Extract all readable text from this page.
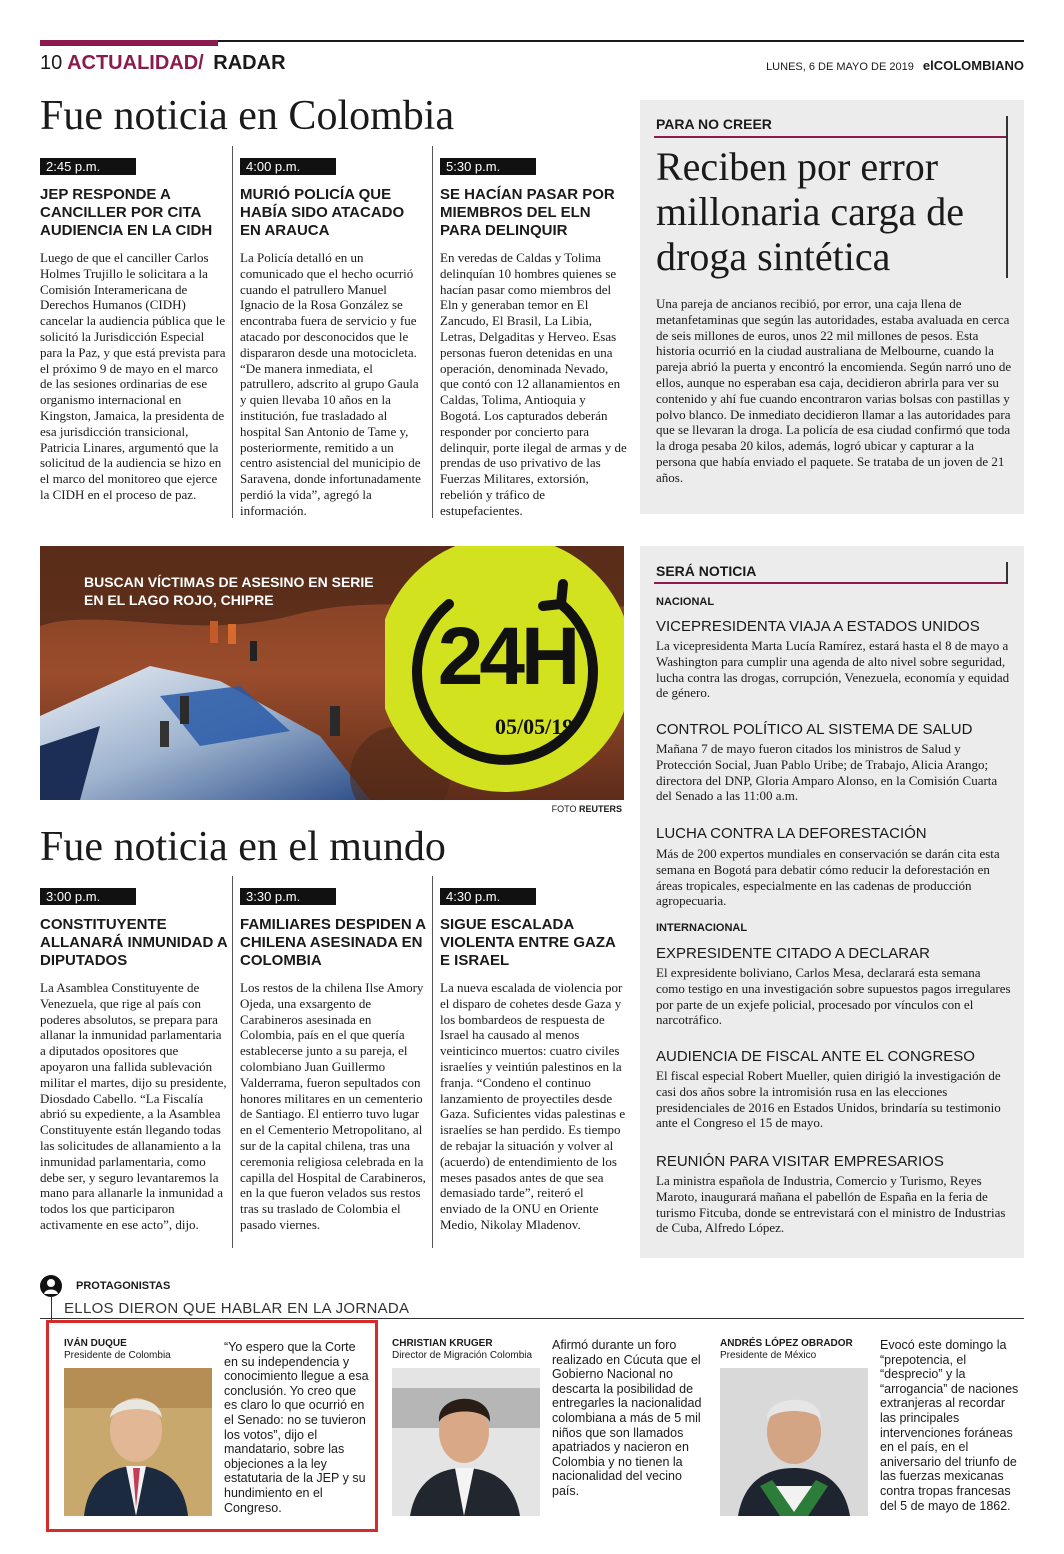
10 ACTUALIDAD/ RADAR	LUNES, 6 DE MAYO DE 2019 elCOLOMBIANO
Fue noticia en Colombia
2:45 p.m.
JEP RESPONDE A CANCILLER POR CITA AUDIENCIA EN LA CIDH
Luego de que el canciller Carlos Holmes Trujillo le solicitara a la Comisión Interamericana de Derechos Humanos (CIDH) cancelar la audiencia pública que le solicitó la Jurisdicción Especial para la Paz, y que está prevista para el próximo 9 de mayo en el marco de las sesiones ordinarias de ese organismo internacional en Kingston, Jamaica, la presidenta de esa jurisdicción transicional, Patricia Linares, argumentó que la solicitud de la audiencia se hizo en el marco del monitoreo que ejerce la CIDH en el proceso de paz.
4:00 p.m.
MURIÓ POLICÍA QUE HABÍA SIDO ATACADO EN ARAUCA
La Policía detalló en un comunicado que el hecho ocurrió cuando el patrullero Manuel Ignacio de la Rosa González se encontraba fuera de servicio y fue atacado por desconocidos que le dispararon desde una motocicleta. “De manera inmediata, el patrullero, adscrito al grupo Gaula y quien llevaba 10 años en la institución, fue trasladado al hospital San Antonio de Tame y, posteriormente, remitido a un centro asistencial del municipio de Saravena, donde infortunadamente perdió la vida”, agregó la información.
5:30 p.m.
SE HACÍAN PASAR POR MIEMBROS DEL ELN PARA DELINQUIR
En veredas de Caldas y Tolima delinquían 10 hombres quienes se hacían pasar como miembros del Eln y generaban temor en El Zancudo, El Brasil, La Libia, Letras, Delgaditas y Herveo. Esas personas fueron detenidas en una operación, denominada Nevado, que contó con 12 allanamientos en Caldas, Tolima, Antioquia y Bogotá. Los capturados deberán responder por concierto para delinquir, porte ilegal de armas y de prendas de uso privativo de las Fuerzas Militares, extorsión, rebelión y tráfico de estupefacientes.
PARA NO CREER
Reciben por error millonaria carga de droga sintética
Una pareja de ancianos recibió, por error, una caja llena de metanfetaminas que según las autoridades, estaba avaluada en cerca de seis millones de euros, unos 22 mil millones de pesos. Esta historia ocurrió en la ciudad australiana de Melbourne, cuando la pareja abrió la puerta y encontró la encomienda. Según narró uno de ellos, aunque no esperaban esa caja, decidieron abrirla para ver su contenido y ahí fue cuando encontraron varias bolsas con pastillas y polvo blanco. De inmediato decidieron llamar a las autoridades para que se llevaran la droga. La policía de esa ciudad confirmó que toda la droga pesaba 20 kilos, además, logró ubicar y capturar a la persona que había enviado el paquete. Se trataba de un joven de 21 años.
BUSCAN VÍCTIMAS DE ASESINO EN SERIE EN EL LAGO ROJO, CHIPRE
24H
05/05/19
FOTO REUTERS
SERÁ NOTICIA
NACIONAL
VICEPRESIDENTA VIAJA A ESTADOS UNIDOS
La vicepresidenta Marta Lucía Ramírez, estará hasta el 8 de mayo a Washington para cumplir una agenda de alto nivel sobre seguridad, lucha contra las drogas, corrupción, Venezuela, economía y equidad de género.
CONTROL POLÍTICO AL SISTEMA DE SALUD
Mañana 7 de mayo fueron citados los ministros de Salud y Protección Social, Juan Pablo Uribe; de Trabajo, Alicia Arango; directora del DNP, Gloria Amparo Alonso, en la Comisión Cuarta del Senado a las 11:00 a.m.
LUCHA CONTRA LA DEFORESTACIÓN
Más de 200 expertos mundiales en conservación se darán cita esta semana en Bogotá para debatir cómo reducir la deforestación en áreas tropicales, especialmente en las cadenas de producción agropecuaria.
INTERNACIONAL
EXPRESIDENTE CITADO A DECLARAR
El expresidente boliviano, Carlos Mesa, declarará esta semana como testigo en una investigación sobre supuestos pagos irregulares por parte de un exjefe policial, procesado por vínculos con el narcotráfico.
AUDIENCIA DE FISCAL ANTE EL CONGRESO
El fiscal especial Robert Mueller, quien dirigió la investigación de casi dos años sobre la intromisión rusa en las elecciones presidenciales de 2016 en Estados Unidos, brindaría su testimonio ante el Congreso el 15 de mayo.
REUNIÓN PARA VISITAR EMPRESARIOS
La ministra española de Industria, Comercio y Turismo, Reyes Maroto, inaugurará mañana el pabellón de España en la feria de turismo Fitcuba, donde se entrevistará con el ministro de Industrias de Cuba, Alfredo López.
Fue noticia en el mundo
3:00 p.m.
CONSTITUYENTE ALLANARÁ INMUNIDAD A DIPUTADOS
La Asamblea Constituyente de Venezuela, que rige al país con poderes absolutos, se prepara para allanar la inmunidad parlamentaria a diputados opositores que apoyaron una fallida sublevación militar el martes, dijo su presidente, Diosdado Cabello. “La Fiscalía abrió su expediente, a la Asamblea Constituyente están llegando todas las solicitudes de allanamiento a la inmunidad parlamentaria, como debe ser, y seguro levantaremos la mano para allanarle la inmunidad a todos los que participaron activamente en ese acto”, dijo.
3:30 p.m.
FAMILIARES DESPIDEN A CHILENA ASESINADA EN COLOMBIA
Los restos de la chilena Ilse Amory Ojeda, una exsargento de Carabineros asesinada en Colombia, país en el que quería establecerse junto a su pareja, el colombiano Juan Guillermo Valderrama, fueron sepultados con honores militares en un cementerio de Santiago. El entierro tuvo lugar en el Cementerio Metropolitano, al sur de la capital chilena, tras una ceremonia religiosa celebrada en la capilla del Hospital de Carabineros, en la que fueron velados sus restos tras su traslado de Colombia el pasado viernes.
4:30 p.m.
SIGUE ESCALADA VIOLENTA ENTRE GAZA E ISRAEL
La nueva escalada de violencia por el disparo de cohetes desde Gaza y los bombardeos de respuesta de Israel ha causado al menos veinticinco muertos: cuatro civiles israelíes y veintiún palestinos en la franja. “Condeno el continuo lanzamiento de proyectiles desde Gaza. Suficientes vidas palestinas e israelíes se han perdido. Es tiempo de rebajar la situación y volver al (acuerdo) de entendimiento de los meses pasados antes de que sea demasiado tarde”, reiteró el enviado de la ONU en Oriente Medio, Nikolay Mladenov.
PROTAGONISTAS
ELLOS DIERON QUE HABLAR EN LA JORNADA
IVÁN DUQUE
Presidente de Colombia
“Yo espero que la Corte en su independencia y conocimiento llegue a esa conclusión. Yo creo que es claro lo que ocurrió en el Senado: no se tuvieron los votos”, dijo el mandatario, sobre las objeciones a la ley estatutaria de la JEP y su hundimiento en el Congreso.
CHRISTIAN KRUGER
Director de Migración Colombia
Afirmó durante un foro realizado en Cúcuta que el Gobierno Nacional no descarta la posibilidad de entregarles la nacionalidad colombiana a más de 5 mil niños que son llamados apatriados y nacieron en Colombia y no tienen la nacionalidad del vecino país.
ANDRÉS LÓPEZ OBRADOR
Presidente de México
Evocó este domingo la “prepotencia, el “desprecio” y la “arrogancia” de naciones extranjeras al recordar las principales intervenciones foráneas en el país, en el aniversario del triunfo de las fuerzas mexicanas contra tropas francesas del 5 de mayo de 1862.
